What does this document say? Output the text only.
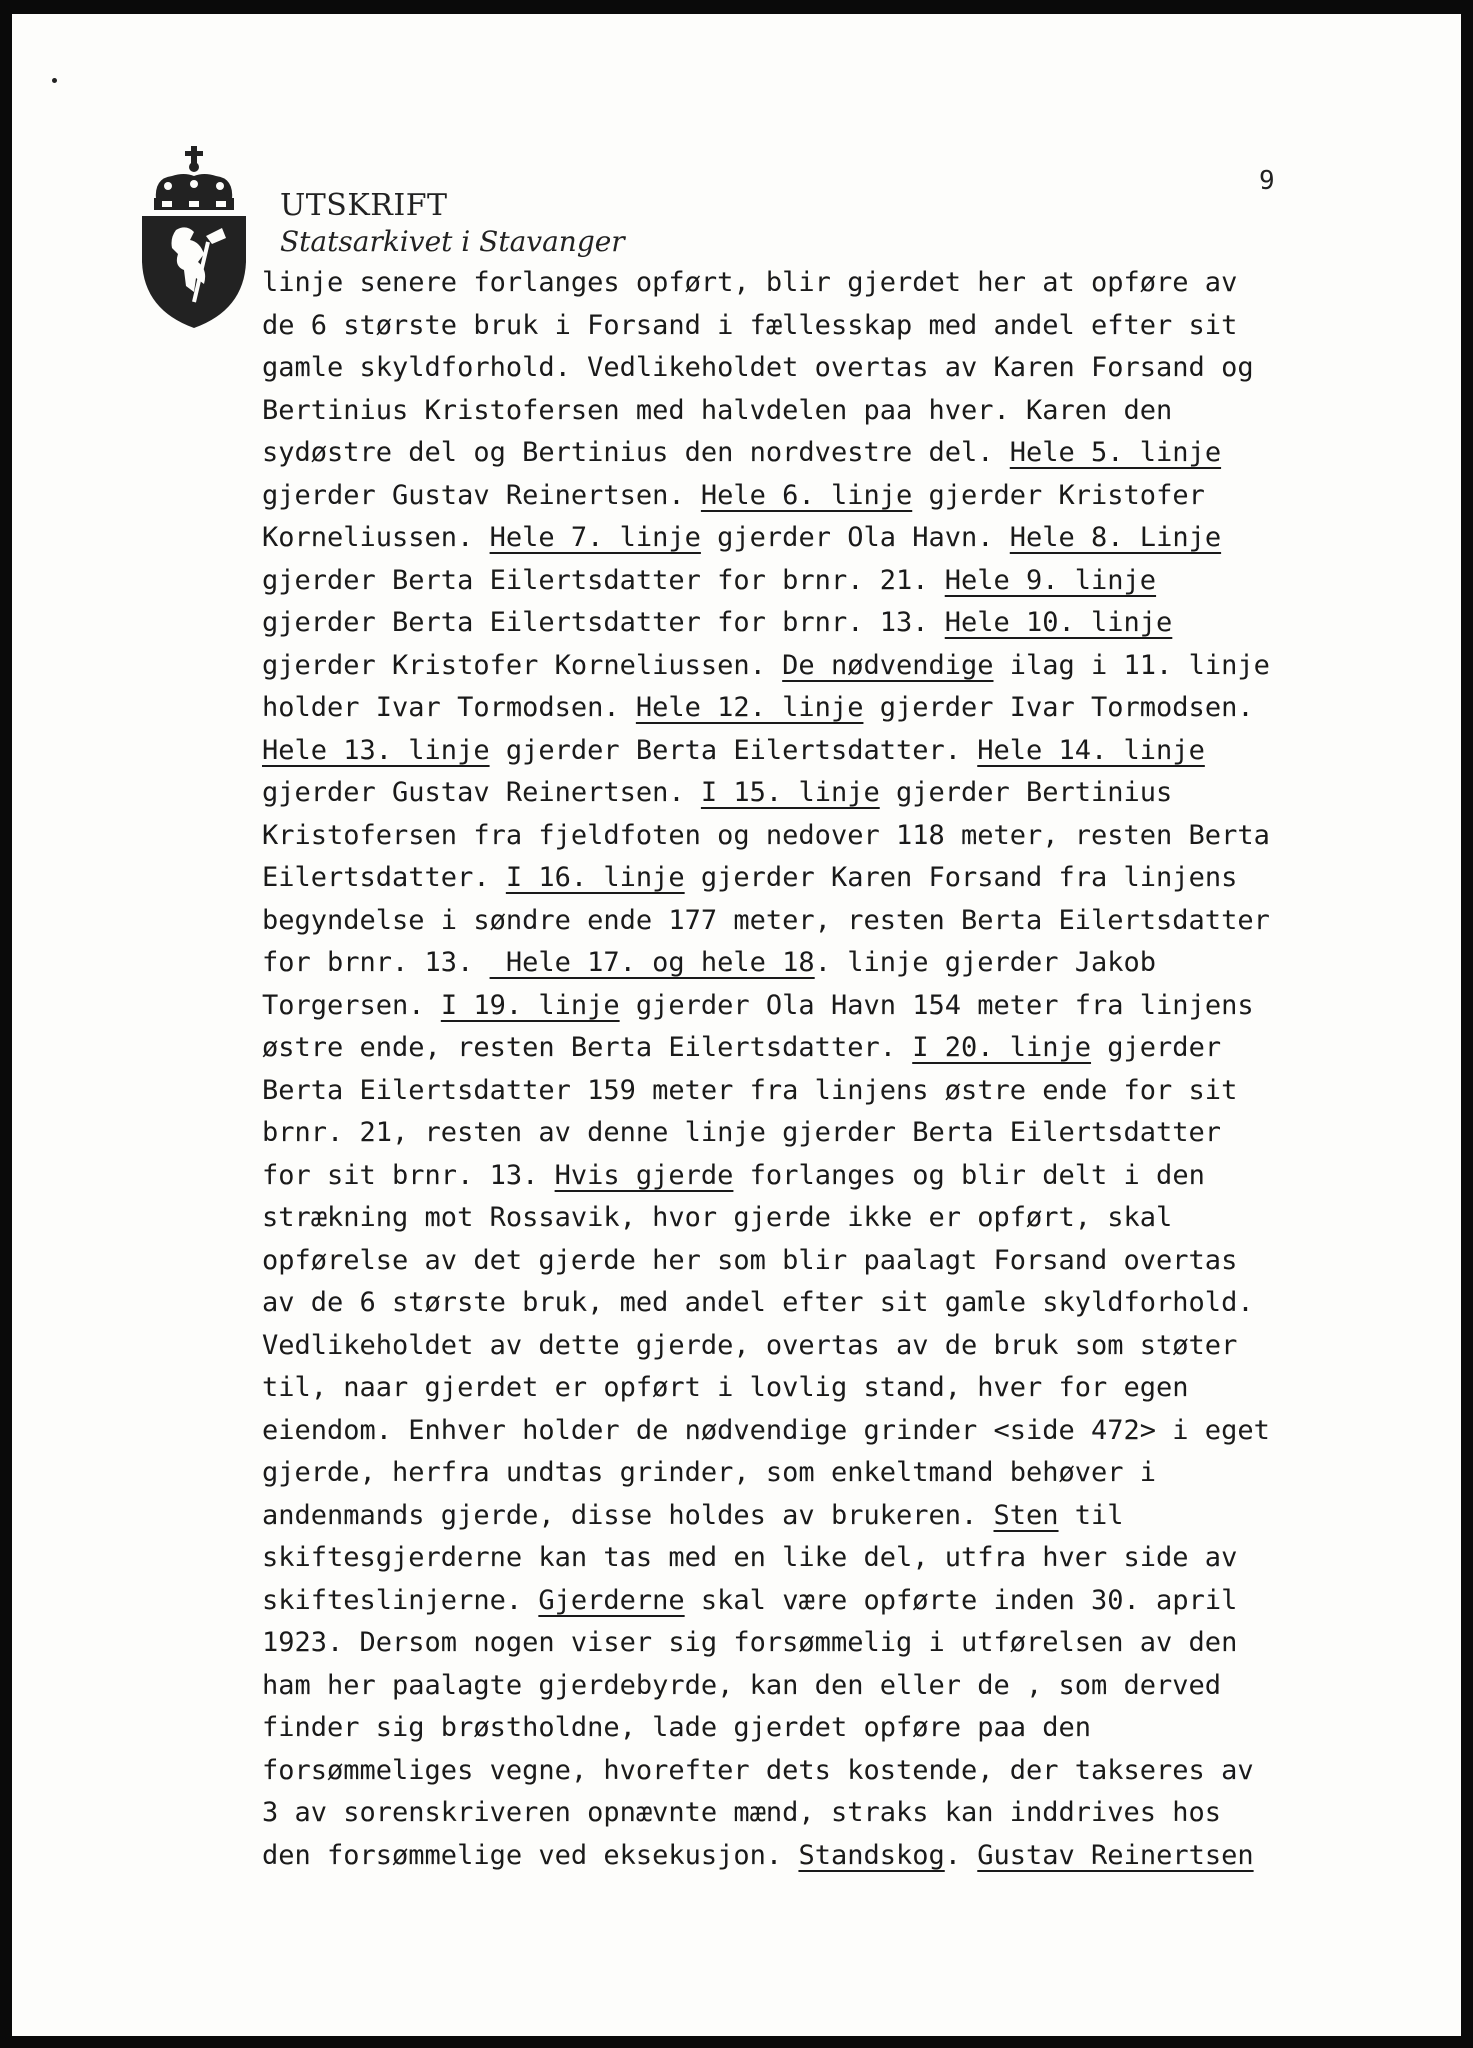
UTSKRIFT
Statsarkivet i Stavanger
9
linje senere forlanges opført, blir gjerdet her at opføre av
de 6 største bruk i Forsand i fællesskap med andel efter sit
gamle skyldforhold. Vedlikeholdet overtas av Karen Forsand og
Bertinius Kristofersen med halvdelen paa hver. Karen den
sydøstre del og Bertinius den nordvestre del. Hele 5. linje
gjerder Gustav Reinertsen. Hele 6. linje gjerder Kristofer
Korneliussen. Hele 7. linje gjerder Ola Havn. Hele 8. Linje
gjerder Berta Eilertsdatter for brnr. 21. Hele 9. linje
gjerder Berta Eilertsdatter for brnr. 13. Hele 10. linje
gjerder Kristofer Korneliussen. De nødvendige ilag i 11. linje
holder Ivar Tormodsen. Hele 12. linje gjerder Ivar Tormodsen.
Hele 13. linje gjerder Berta Eilertsdatter. Hele 14. linje
gjerder Gustav Reinertsen. I 15. linje gjerder Bertinius
Kristofersen fra fjeldfoten og nedover 118 meter, resten Berta
Eilertsdatter. I 16. linje gjerder Karen Forsand fra linjens
begyndelse i søndre ende 177 meter, resten Berta Eilertsdatter
for brnr. 13.  Hele 17. og hele 18. linje gjerder Jakob
Torgersen. I 19. linje gjerder Ola Havn 154 meter fra linjens
østre ende, resten Berta Eilertsdatter. I 20. linje gjerder
Berta Eilertsdatter 159 meter fra linjens østre ende for sit
brnr. 21, resten av denne linje gjerder Berta Eilertsdatter
for sit brnr. 13. Hvis gjerde forlanges og blir delt i den
strækning mot Rossavik, hvor gjerde ikke er opført, skal
opførelse av det gjerde her som blir paalagt Forsand overtas
av de 6 største bruk, med andel efter sit gamle skyldforhold.
Vedlikeholdet av dette gjerde, overtas av de bruk som støter
til, naar gjerdet er opført i lovlig stand, hver for egen
eiendom. Enhver holder de nødvendige grinder <side 472> i eget
gjerde, herfra undtas grinder, som enkeltmand behøver i
andenmands gjerde, disse holdes av brukeren. Sten til
skiftesgjerderne kan tas med en like del, utfra hver side av
skifteslinjerne. Gjerderne skal være opførte inden 30. april
1923. Dersom nogen viser sig forsømmelig i utførelsen av den
ham her paalagte gjerdebyrde, kan den eller de , som derved
finder sig brøstholdne, lade gjerdet opføre paa den
forsømmeliges vegne, hvorefter dets kostende, der takseres av
3 av sorenskriveren opnævnte mænd, straks kan inddrives hos
den forsømmelige ved eksekusjon. Standskog. Gustav Reinertsen
